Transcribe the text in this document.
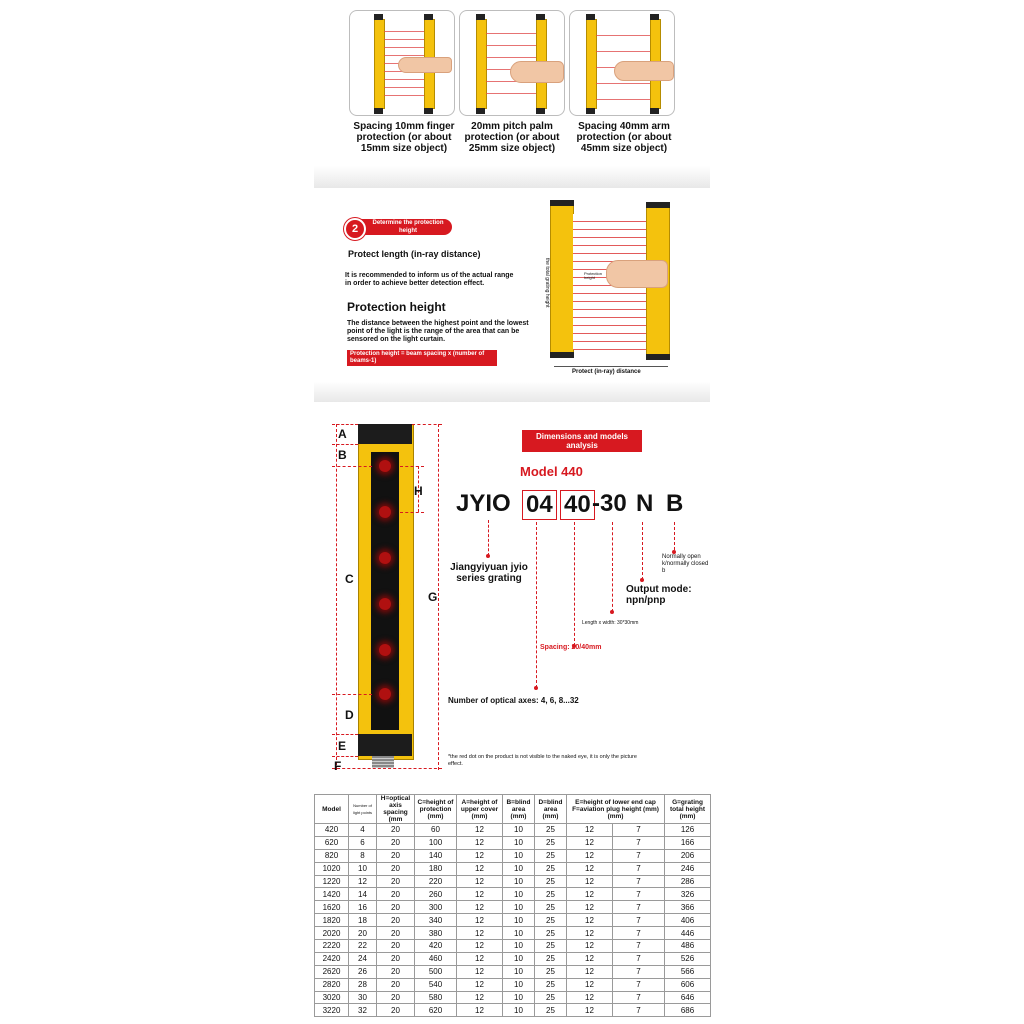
Spacing 10mm finger protection (or about 15mm size object)
20mm pitch palm protection (or about 25mm size object)
Spacing 40mm arm protection (or about 45mm size object)
Determine the protection height
2
Protect length (in-ray distance)
It is recommended to inform us of the actual range in order to achieve better detection effect.
Protection height
The distance between the highest point and the lowest point of the light is the range of the area that can be sensored on the light curtain.
Protection height = beam spacing x (number of beams-1)
the total grating height	Protection height
Protect (in-ray) distance
A
B
C
D
E
F
G
H
Dimensions and models analysis
Model 440
JYIO 04 40 -30 N B
Jiangyiyuan jyio series grating
Normally open k/normally closed b
Output mode: npn/pnp
Length x width: 30*30mm
Spacing: 20/40mm
Number of optical axes: 4, 6, 8...32
*the red dot on the product is not visible to the naked eye, it is only the picture effect.
Model	Number of light points	H=optical axis spacing (mm	C=height of protection (mm)	A=height of upper cover (mm)	B=blind area (mm)	D=blind area (mm)	E=height of lower end cap F=aviation plug height (mm) (mm)		G=grating total height (mm)
420	4	20	60	12	10	25	12	7	126
620	6	20	100	12	10	25	12	7	166
820	8	20	140	12	10	25	12	7	206
1020	10	20	180	12	10	25	12	7	246
1220	12	20	220	12	10	25	12	7	286
1420	14	20	260	12	10	25	12	7	326
1620	16	20	300	12	10	25	12	7	366
1820	18	20	340	12	10	25	12	7	406
2020	20	20	380	12	10	25	12	7	446
2220	22	20	420	12	10	25	12	7	486
2420	24	20	460	12	10	25	12	7	526
2620	26	20	500	12	10	25	12	7	566
2820	28	20	540	12	10	25	12	7	606
3020	30	20	580	12	10	25	12	7	646
3220	32	20	620	12	10	25	12	7	686
